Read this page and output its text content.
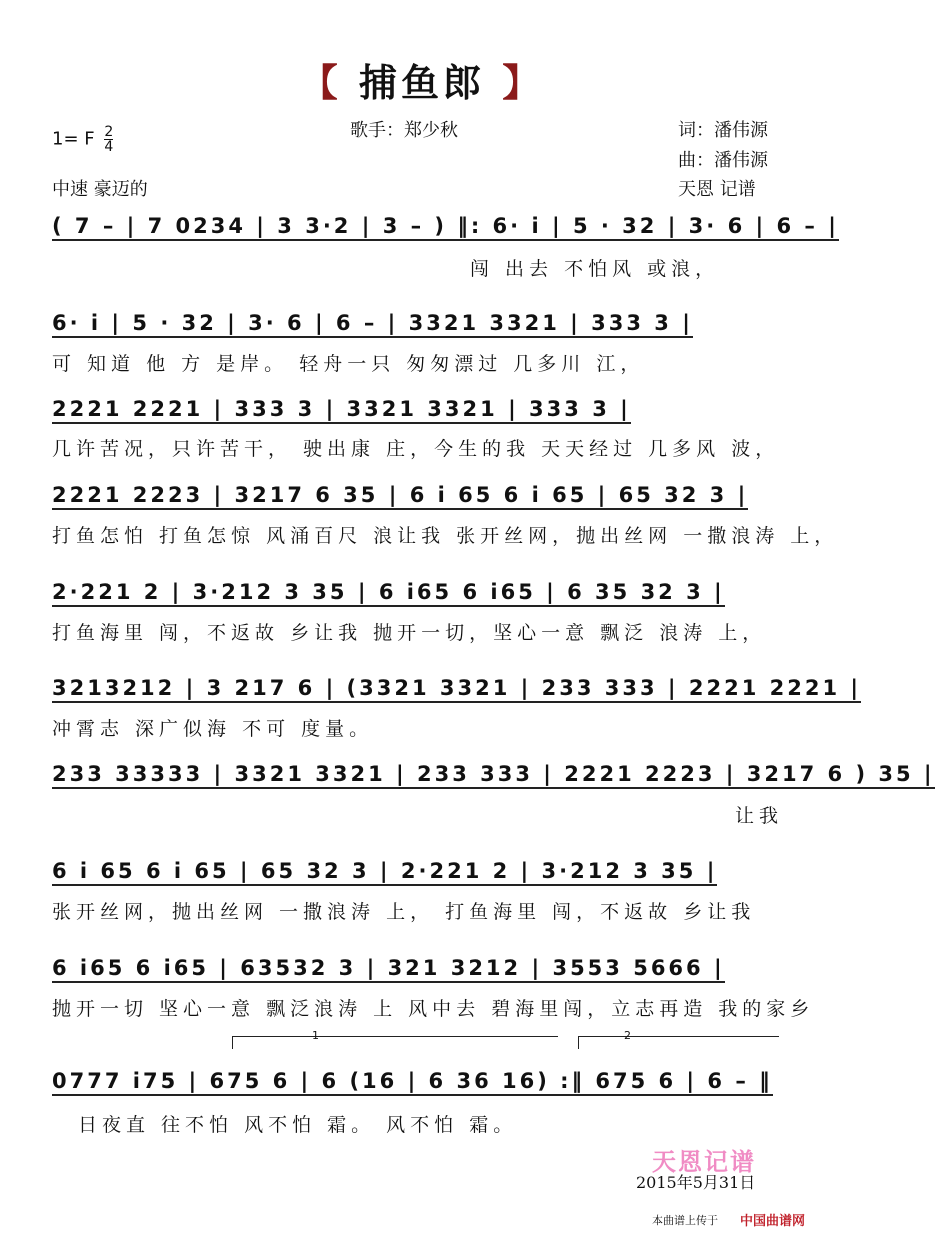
【 捕鱼郎 】
1= F $\frac{2}{4}$	歌手：郑少秋	词：潘伟源
曲：潘伟源
中速 豪迈的	天恩 记谱
( 7 – | 7 0234 | 3 3·2 | 3 – ) ‖: 6· i | 5 · 32 | 3· 6 | 6 – |
闯 出去 不怕风 或浪，
6· i | 5 · 32 | 3· 6 | 6 – | 3321 3321 | 333 3 |
可 知道 他 方 是岸。 轻舟一只 匆匆漂过 几多川 江，
2221 2221 | 333 3 | 3321 3321 | 333 3 |
几许苦况，只许苦干， 驶出康 庄，今生的我 天天经过 几多风 波，
2221 2223 | 3217 6 35 | 6 i 65 6 i 65 | 65 32 3 |
打鱼怎怕 打鱼怎惊 风涌百尺 浪让我 张开丝网，抛出丝网 一撒浪涛 上，
2·221 2 | 3·212 3 35 | 6 i65 6 i65 | 6 35 32 3 |
打鱼海里 闯，不返故 乡让我 抛开一切，坚心一意 飘泛 浪涛 上，
3213212 | 3 217 6 | (3321 3321 | 233 333 | 2221 2221 |
冲霄志 深广似海 不可 度量。
233 33333 | 3321 3321 | 233 333 | 2221 2223 | 3217 6 ) 35 |
让我
6 i 65 6 i 65 | 65 32 3 | 2·221 2 | 3·212 3 35 |
张开丝网，抛出丝网 一撒浪涛 上， 打鱼海里 闯，不返故 乡让我
6 i65 6 i65 | 63532 3 | 321 3212 | 3553 5666 |
抛开一切 坚心一意 飘泛浪涛 上 风中去 碧海里闯，立志再造 我的家乡
1	2
0777 i75 | 675 6 | 6 (16 | 6 36 16) :‖ 675 6 | 6 – ‖
日夜直 往不怕 风不怕 霜。 风不怕 霜。
天恩记谱
2015年5月31日
本曲谱上传于 中国曲谱网
